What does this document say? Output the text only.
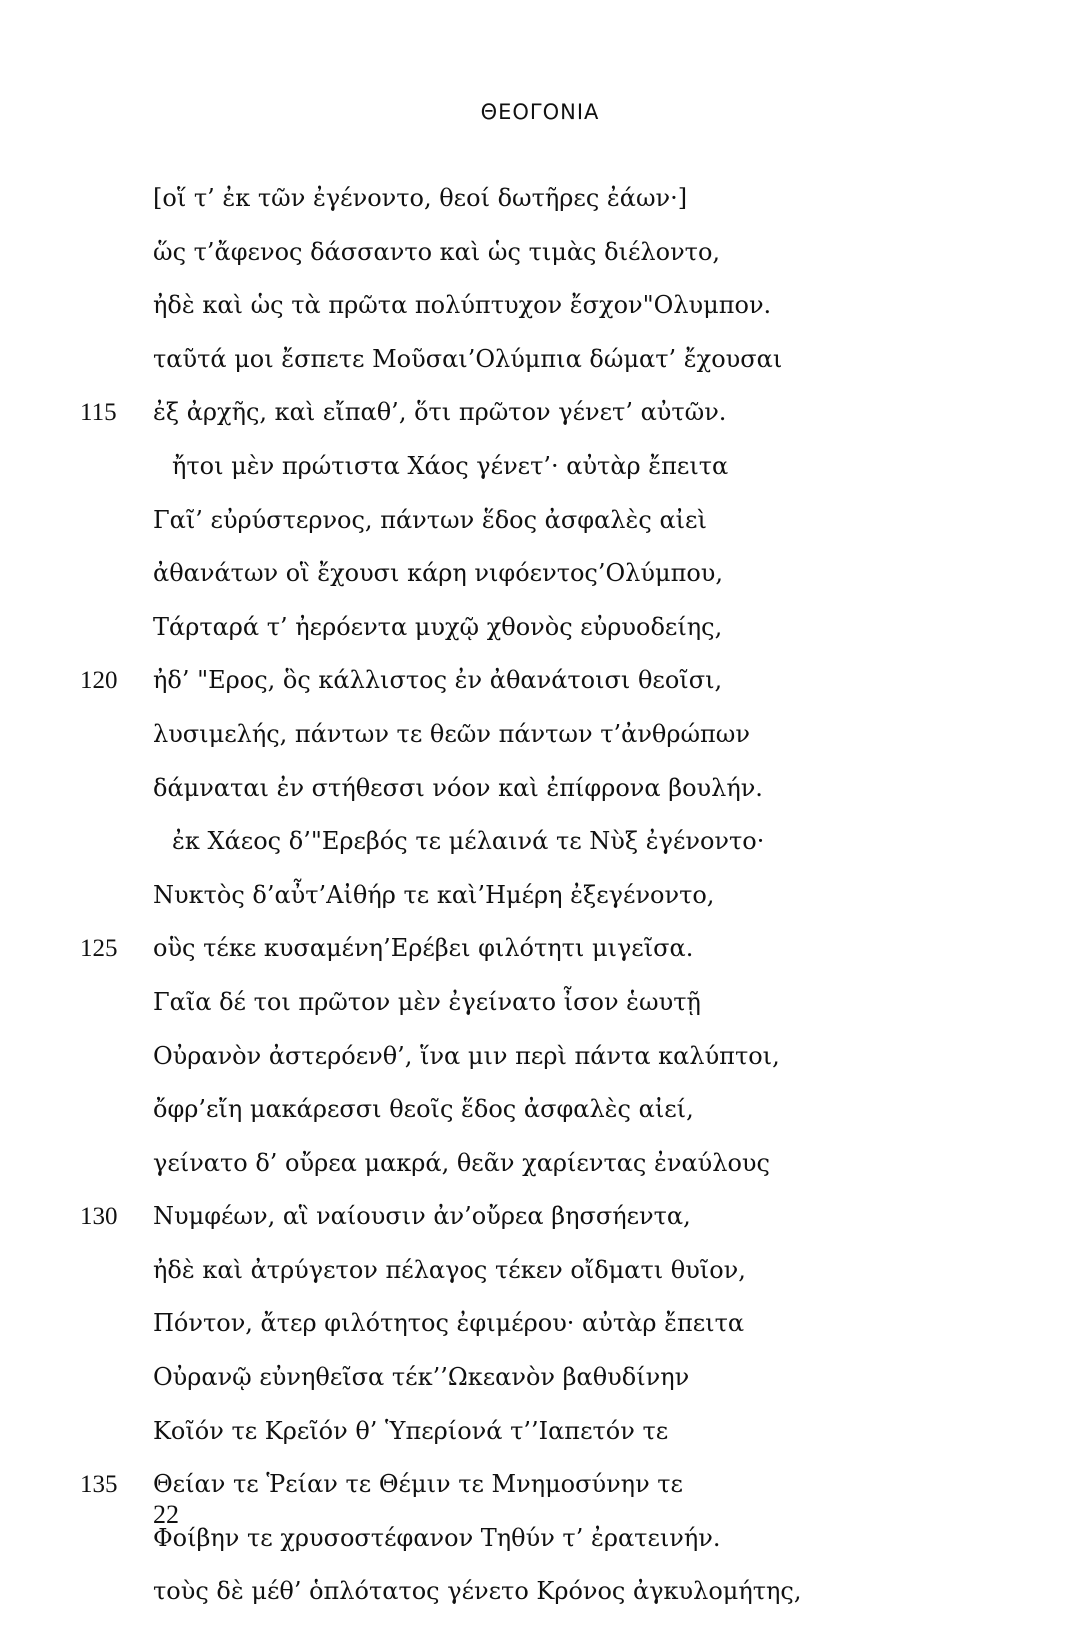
ΘΕΟΓΟΝΙΑ
[οἵ τ’ ἐκ τῶν ἐγένοντο, θεοί δωτῆρες ἐάων·]
ὥς τ’ἄφενος δάσσαντο καὶ ὡς τιμὰς διέλοντο,
ἠδὲ καὶ ὡς τὰ πρῶτα πολύπτυχον ἔσχον"Ολυμπον.
ταῦτά μοι ἔσπετε Μοῦσαι’Ολύμπια δώματ’ ἔχουσαι
115 ἐξ ἀρχῆς, καὶ εἴπαθ’, ὅτι πρῶτον γένετ’ αὐτῶν.
ἤτοι μὲν πρώτιστα Χάος γένετ’· αὐτὰρ ἔπειτα
Γαῖ’ εὐρύστερνος, πάντων ἕδος ἀσφαλὲς αἰεὶ
ἀθανάτων οἳ ἔχουσι κάρη νιφόεντος’Ολύμπου,
Τάρταρά τ’ ἠερόεντα μυχῷ χθονὸς εὐρυοδείης,
120 ἠδ’ "Ερος, ὃς κάλλιστος ἐν ἀθανάτοισι θεοῖσι,
λυσιμελής, πάντων τε θεῶν πάντων τ’ἀνθρώπων
δάμναται ἐν στήθεσσι νόον καὶ ἐπίφρονα βουλήν.
ἐκ Χάεος δ’"Ερεβός τε μέλαινά τε Νὺξ ἐγένοντο·
Νυκτὸς δ’αὖτ’Αἰθήρ τε καὶ’Ημέρη ἐξεγένοντο,
125 οὓς τέκε κυσαμένη’Ερέβει φιλότητι μιγεῖσα.
Γαῖα δέ τοι πρῶτον μὲν ἐγείνατο ἶσον ἑωυτῇ
Οὐρανὸν ἀστερόενθ’, ἵνα μιν περὶ πάντα καλύπτοι,
ὄφρ’εἴη μακάρεσσι θεοῖς ἕδος ἀσφαλὲς αἰεί,
γείνατο δ’ οὔρεα μακρά, θεᾶν χαρίεντας ἐναύλους
130 Νυμφέων, αἳ ναίουσιν ἀν’οὔρεα βησσήεντα,
ἠδὲ καὶ ἀτρύγετον πέλαγος τέκεν οἴδματι θυῖον,
Πόντον, ἄτερ φιλότητος ἐφιμέρου· αὐτὰρ ἔπειτα
Οὐρανῷ εὐνηθεῖσα τέκ’’Ωκεανὸν βαθυδίνην
Κοῖόν τε Κρεῖόν θ’ Ὑπερίονά τ’’Ιαπετόν τε
135 Θείαν τε Ῥείαν τε Θέμιν τε Μνημοσύνην τε
Φοίβην τε χρυσοστέφανον Τηθύν τ’ ἐρατεινήν.
τοὺς δὲ μέθ’ ὁπλότατος γένετο Κρόνος ἀγκυλομήτης,
22
